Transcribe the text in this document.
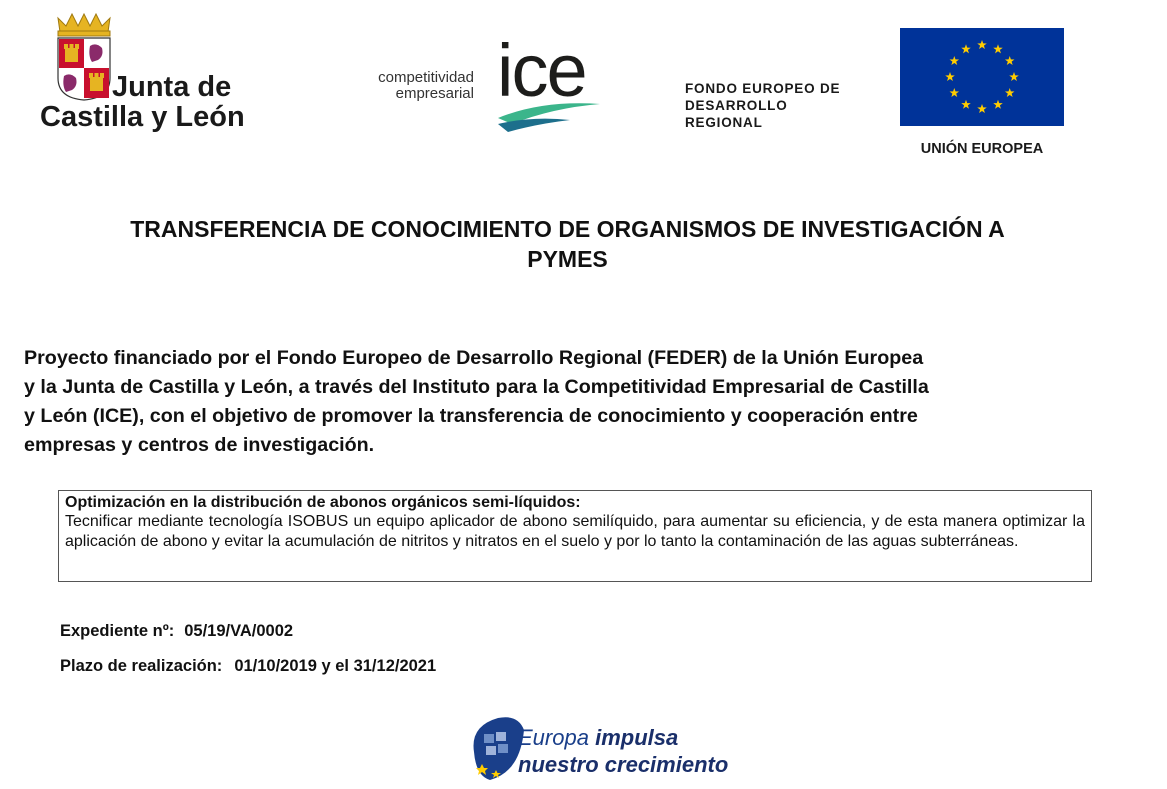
Junta de
Castilla y León
competitividad
empresarial ice	FONDO EUROPEO DE
DESARROLLO
REGIONAL
UNIÓN EUROPEA
TRANSFERENCIA DE CONOCIMIENTO DE ORGANISMOS DE INVESTIGACIÓN A
PYMES
Proyecto financiado por el Fondo Europeo de Desarrollo Regional (FEDER) de la Unión Europea
y la Junta de Castilla y León, a través del Instituto para la Competitividad Empresarial de Castilla
y León (ICE), con el objetivo de promover la transferencia de conocimiento y cooperación entre
empresas y centros de investigación.
Optimización en la distribución de abonos orgánicos semi-líquidos:
Tecnificar mediante tecnología ISOBUS un equipo aplicador de abono semilíquido, para aumentar su eficiencia, y de esta manera optimizar la aplicación de abono y evitar la acumulación de nitritos y nitratos en el suelo y por lo tanto la contaminación de las aguas subterráneas.
Expediente nº: 05/19/VA/0002
Plazo de realización: 01/10/2019 y el 31/12/2021
Europa impulsa
nuestro crecimiento
